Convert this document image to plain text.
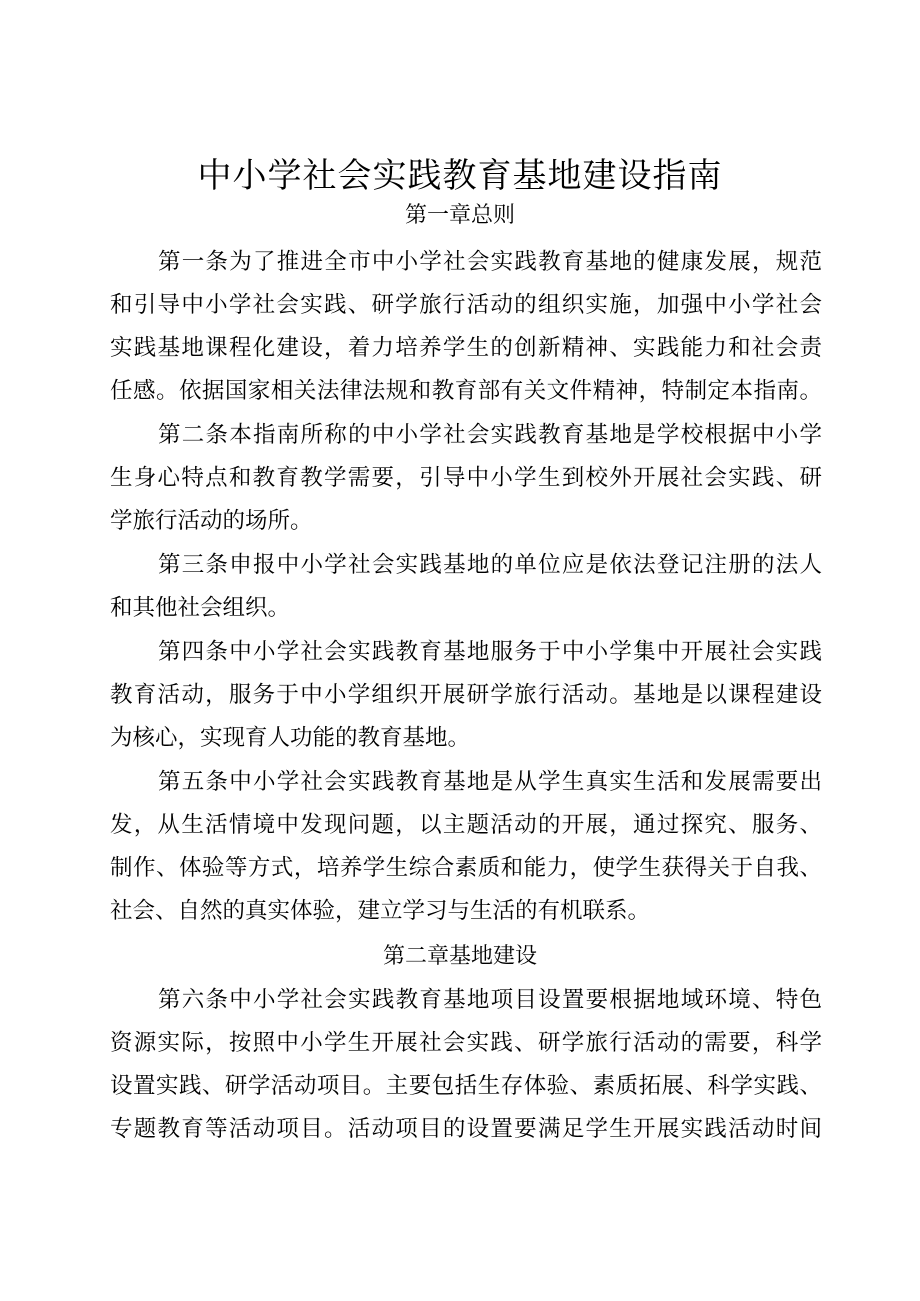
中小学社会实践教育基地建设指南
第一章总则
第一条为了推进全市中小学社会实践教育基地的健康发展，规范
和引导中小学社会实践、研学旅行活动的组织实施，加强中小学社会
实践基地课程化建设，着力培养学生的创新精神、实践能力和社会责
任感。依据国家相关法律法规和教育部有关文件精神，特制定本指南。
第二条本指南所称的中小学社会实践教育基地是学校根据中小学
生身心特点和教育教学需要，引导中小学生到校外开展社会实践、研
学旅行活动的场所。
第三条申报中小学社会实践基地的单位应是依法登记注册的法人
和其他社会组织。
第四条中小学社会实践教育基地服务于中小学集中开展社会实践
教育活动，服务于中小学组织开展研学旅行活动。基地是以课程建设
为核心，实现育人功能的教育基地。
第五条中小学社会实践教育基地是从学生真实生活和发展需要出
发，从生活情境中发现问题，以主题活动的开展，通过探究、服务、
制作、体验等方式，培养学生综合素质和能力，使学生获得关于自我、
社会、自然的真实体验，建立学习与生活的有机联系。
第二章基地建设
第六条中小学社会实践教育基地项目设置要根据地域环境、特色
资源实际，按照中小学生开展社会实践、研学旅行活动的需要，科学
设置实践、研学活动项目。主要包括生存体验、素质拓展、科学实践、
专题教育等活动项目。活动项目的设置要满足学生开展实践活动时间
